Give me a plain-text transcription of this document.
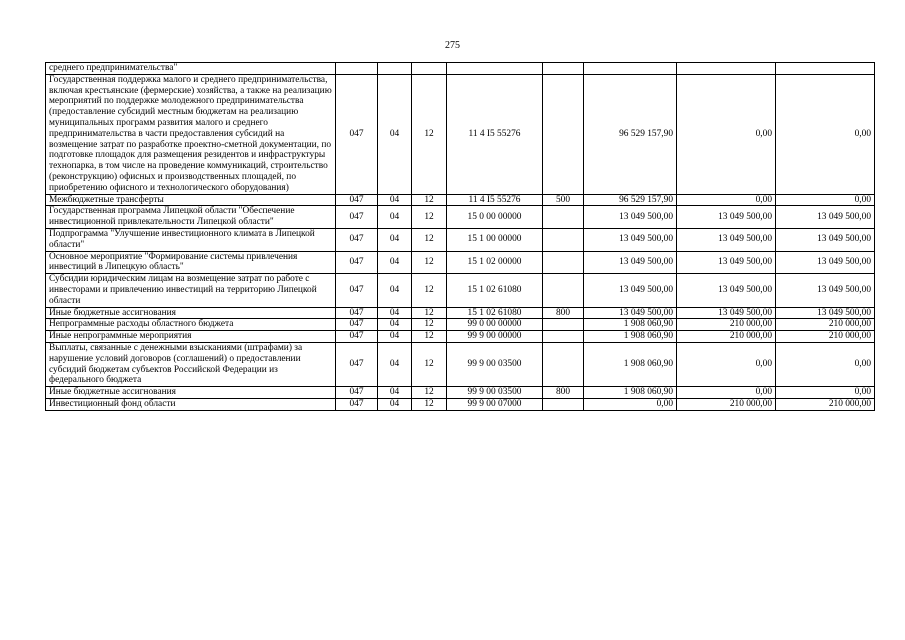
275
среднего предпринимательства"								
Государственная поддержка малого и среднего предпринимательства, включая крестьянские (фермерские) хозяйства, а также на реализацию мероприятий по поддержке молодежного предпринимательства (предоставление субсидий местным бюджетам на реализацию муниципальных программ развития малого и среднего предпринимательства в части предоставления субсидий на возмещение затрат по разработке проектно-сметной документации, по подготовке площадок для размещения резидентов и инфраструктуры технопарка, в том числе на проведение коммуникаций, строительство (реконструкцию) офисных и производственных площадей, по приобретению офисного и технологического оборудования)	047	04	12	11 4 I5 55276		96 529 157,90	0,00	0,00
Межбюджетные трансферты	047	04	12	11 4 I5 55276	500	96 529 157,90	0,00	0,00
Государственная программа Липецкой области "Обеспечение инвестиционной привлекательности Липецкой области"	047	04	12	15 0 00 00000		13 049 500,00	13 049 500,00	13 049 500,00
Подпрограмма "Улучшение инвестиционного климата в Липецкой области"	047	04	12	15 1 00 00000		13 049 500,00	13 049 500,00	13 049 500,00
Основное мероприятие "Формирование системы привлечения инвестиций в Липецкую область"	047	04	12	15 1 02 00000		13 049 500,00	13 049 500,00	13 049 500,00
Субсидии юридическим лицам на возмещение затрат по работе с инвесторами и привлечению инвестиций на территорию Липецкой области	047	04	12	15 1 02 61080		13 049 500,00	13 049 500,00	13 049 500,00
Иные бюджетные ассигнования	047	04	12	15 1 02 61080	800	13 049 500,00	13 049 500,00	13 049 500,00
Непрограммные расходы областного бюджета	047	04	12	99 0 00 00000		1 908 060,90	210 000,00	210 000,00
Иные непрограммные мероприятия	047	04	12	99 9 00 00000		1 908 060,90	210 000,00	210 000,00
Выплаты, связанные с денежными взысканиями (штрафами) за нарушение условий договоров (соглашений) о предоставлении субсидий бюджетам субъектов Российской Федерации из федерального бюджета	047	04	12	99 9 00 03500		1 908 060,90	0,00	0,00
Иные бюджетные ассигнования	047	04	12	99 9 00 03500	800	1 908 060,90	0,00	0,00
Инвестиционный фонд области	047	04	12	99 9 00 07000		0,00	210 000,00	210 000,00
